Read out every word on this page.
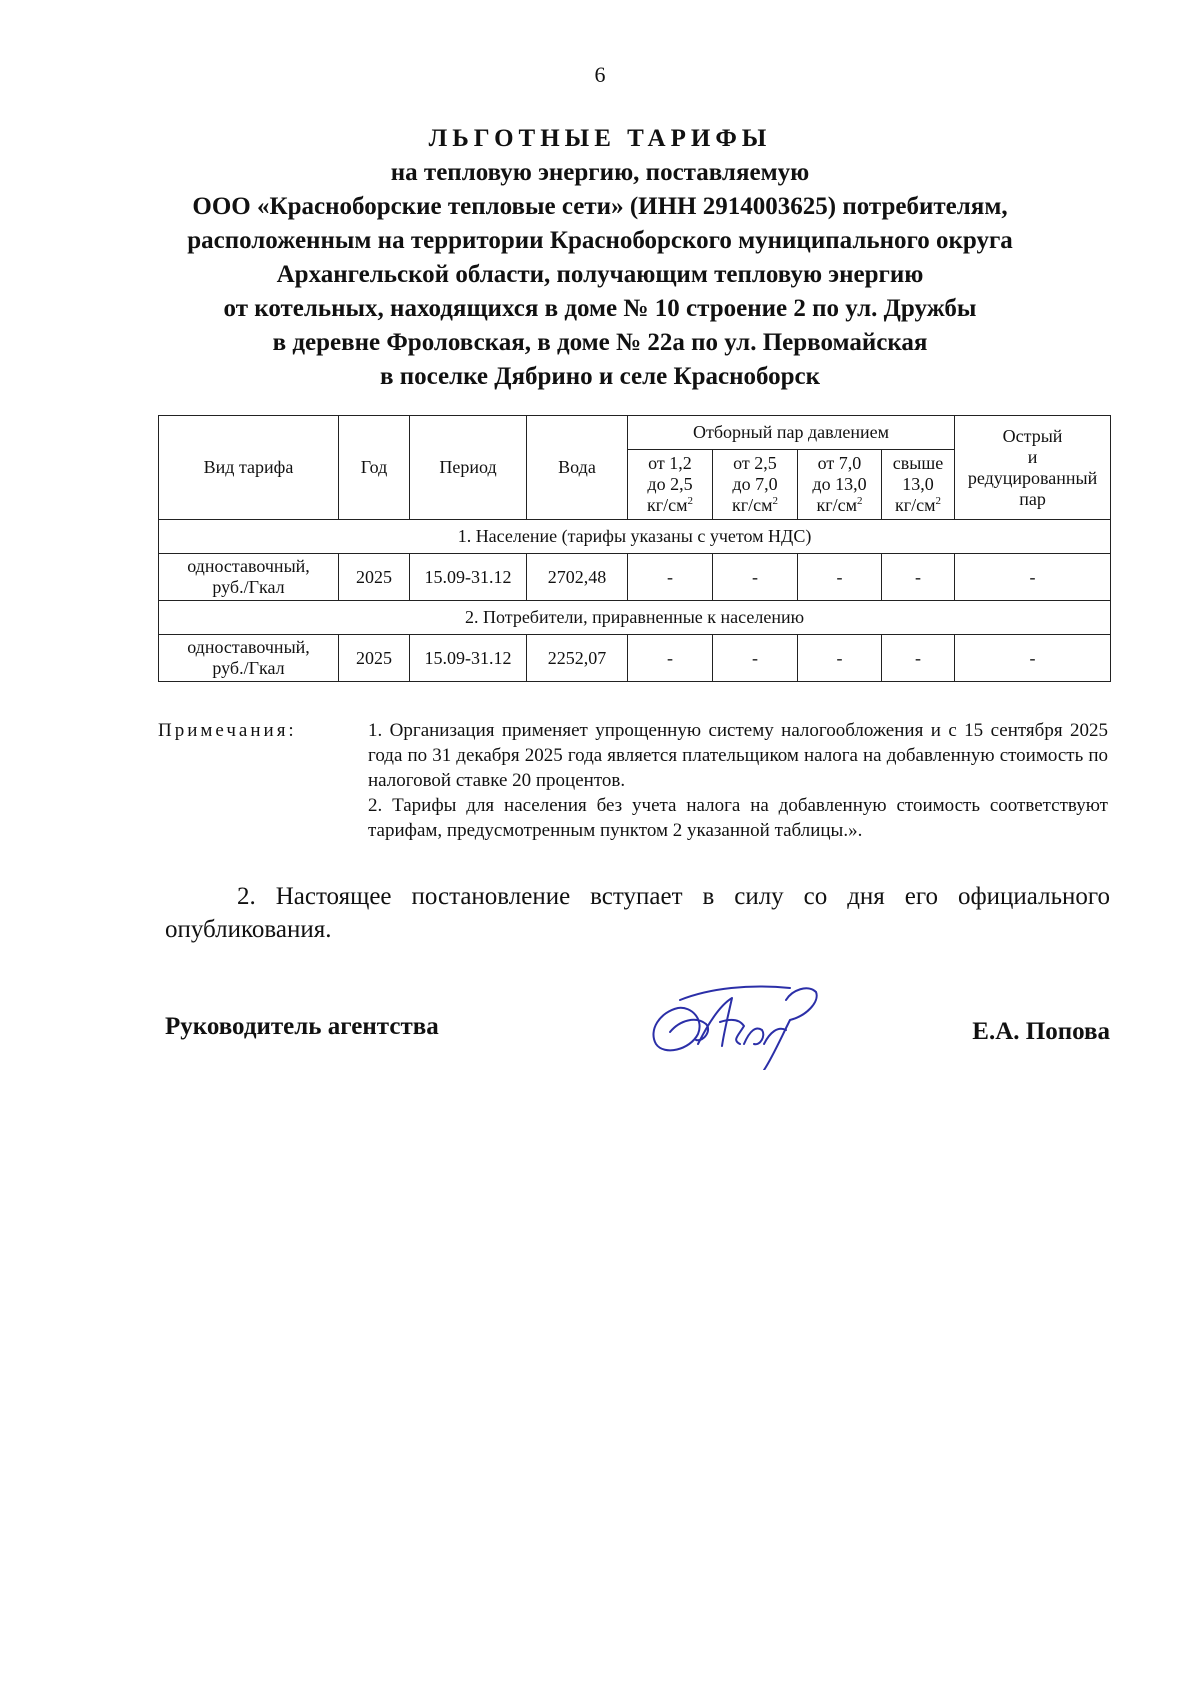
6
ЛЬГОТНЫЕ ТАРИФЫ
на тепловую энергию, поставляемую
ООО «Красноборские тепловые сети» (ИНН 2914003625) потребителям,
расположенным на территории Красноборского муниципального округа
Архангельской области, получающим тепловую энергию
от котельных, находящихся в доме № 10 строение 2 по ул. Дружбы
в деревне Фроловская, в доме № 22а по ул. Первомайская
в поселке Дябрино и селе Красноборск
Вид тарифа	Год	Период	Вода	Отборный пар давлением				Острый
и
редуцированный
пар
				от 1,2
до 2,5
$кг/см^2$	от 2,5
до 7,0
$кг/см^2$	от 7,0
до 13,0
$кг/см^2$	свыше
13,0
$кг/см^2$
1. Население (тарифы указаны с учетом НДС)								
одноставочный,
руб./Гкал	2025	15.09-31.12	2702,48	-	-	-	-	-
2. Потребители, приравненные к населению								
одноставочный,
руб./Гкал	2025	15.09-31.12	2252,07	-	-	-	-	-
Примечания:	1. Организация применяет упрощенную систему налогообложения и с 15 сентября 2025 года по 31 декабря 2025 года является плательщиком налога на добавленную стоимость по налоговой ставке 20 процентов.
2. Тарифы для населения без учета налога на добавленную стоимость соответствуют тарифам, предусмотренным пунктом 2 указанной таблицы.».
2. Настоящее постановление вступает в силу со дня его официального опубликования.
Руководитель агентства	Е.А. Попова
